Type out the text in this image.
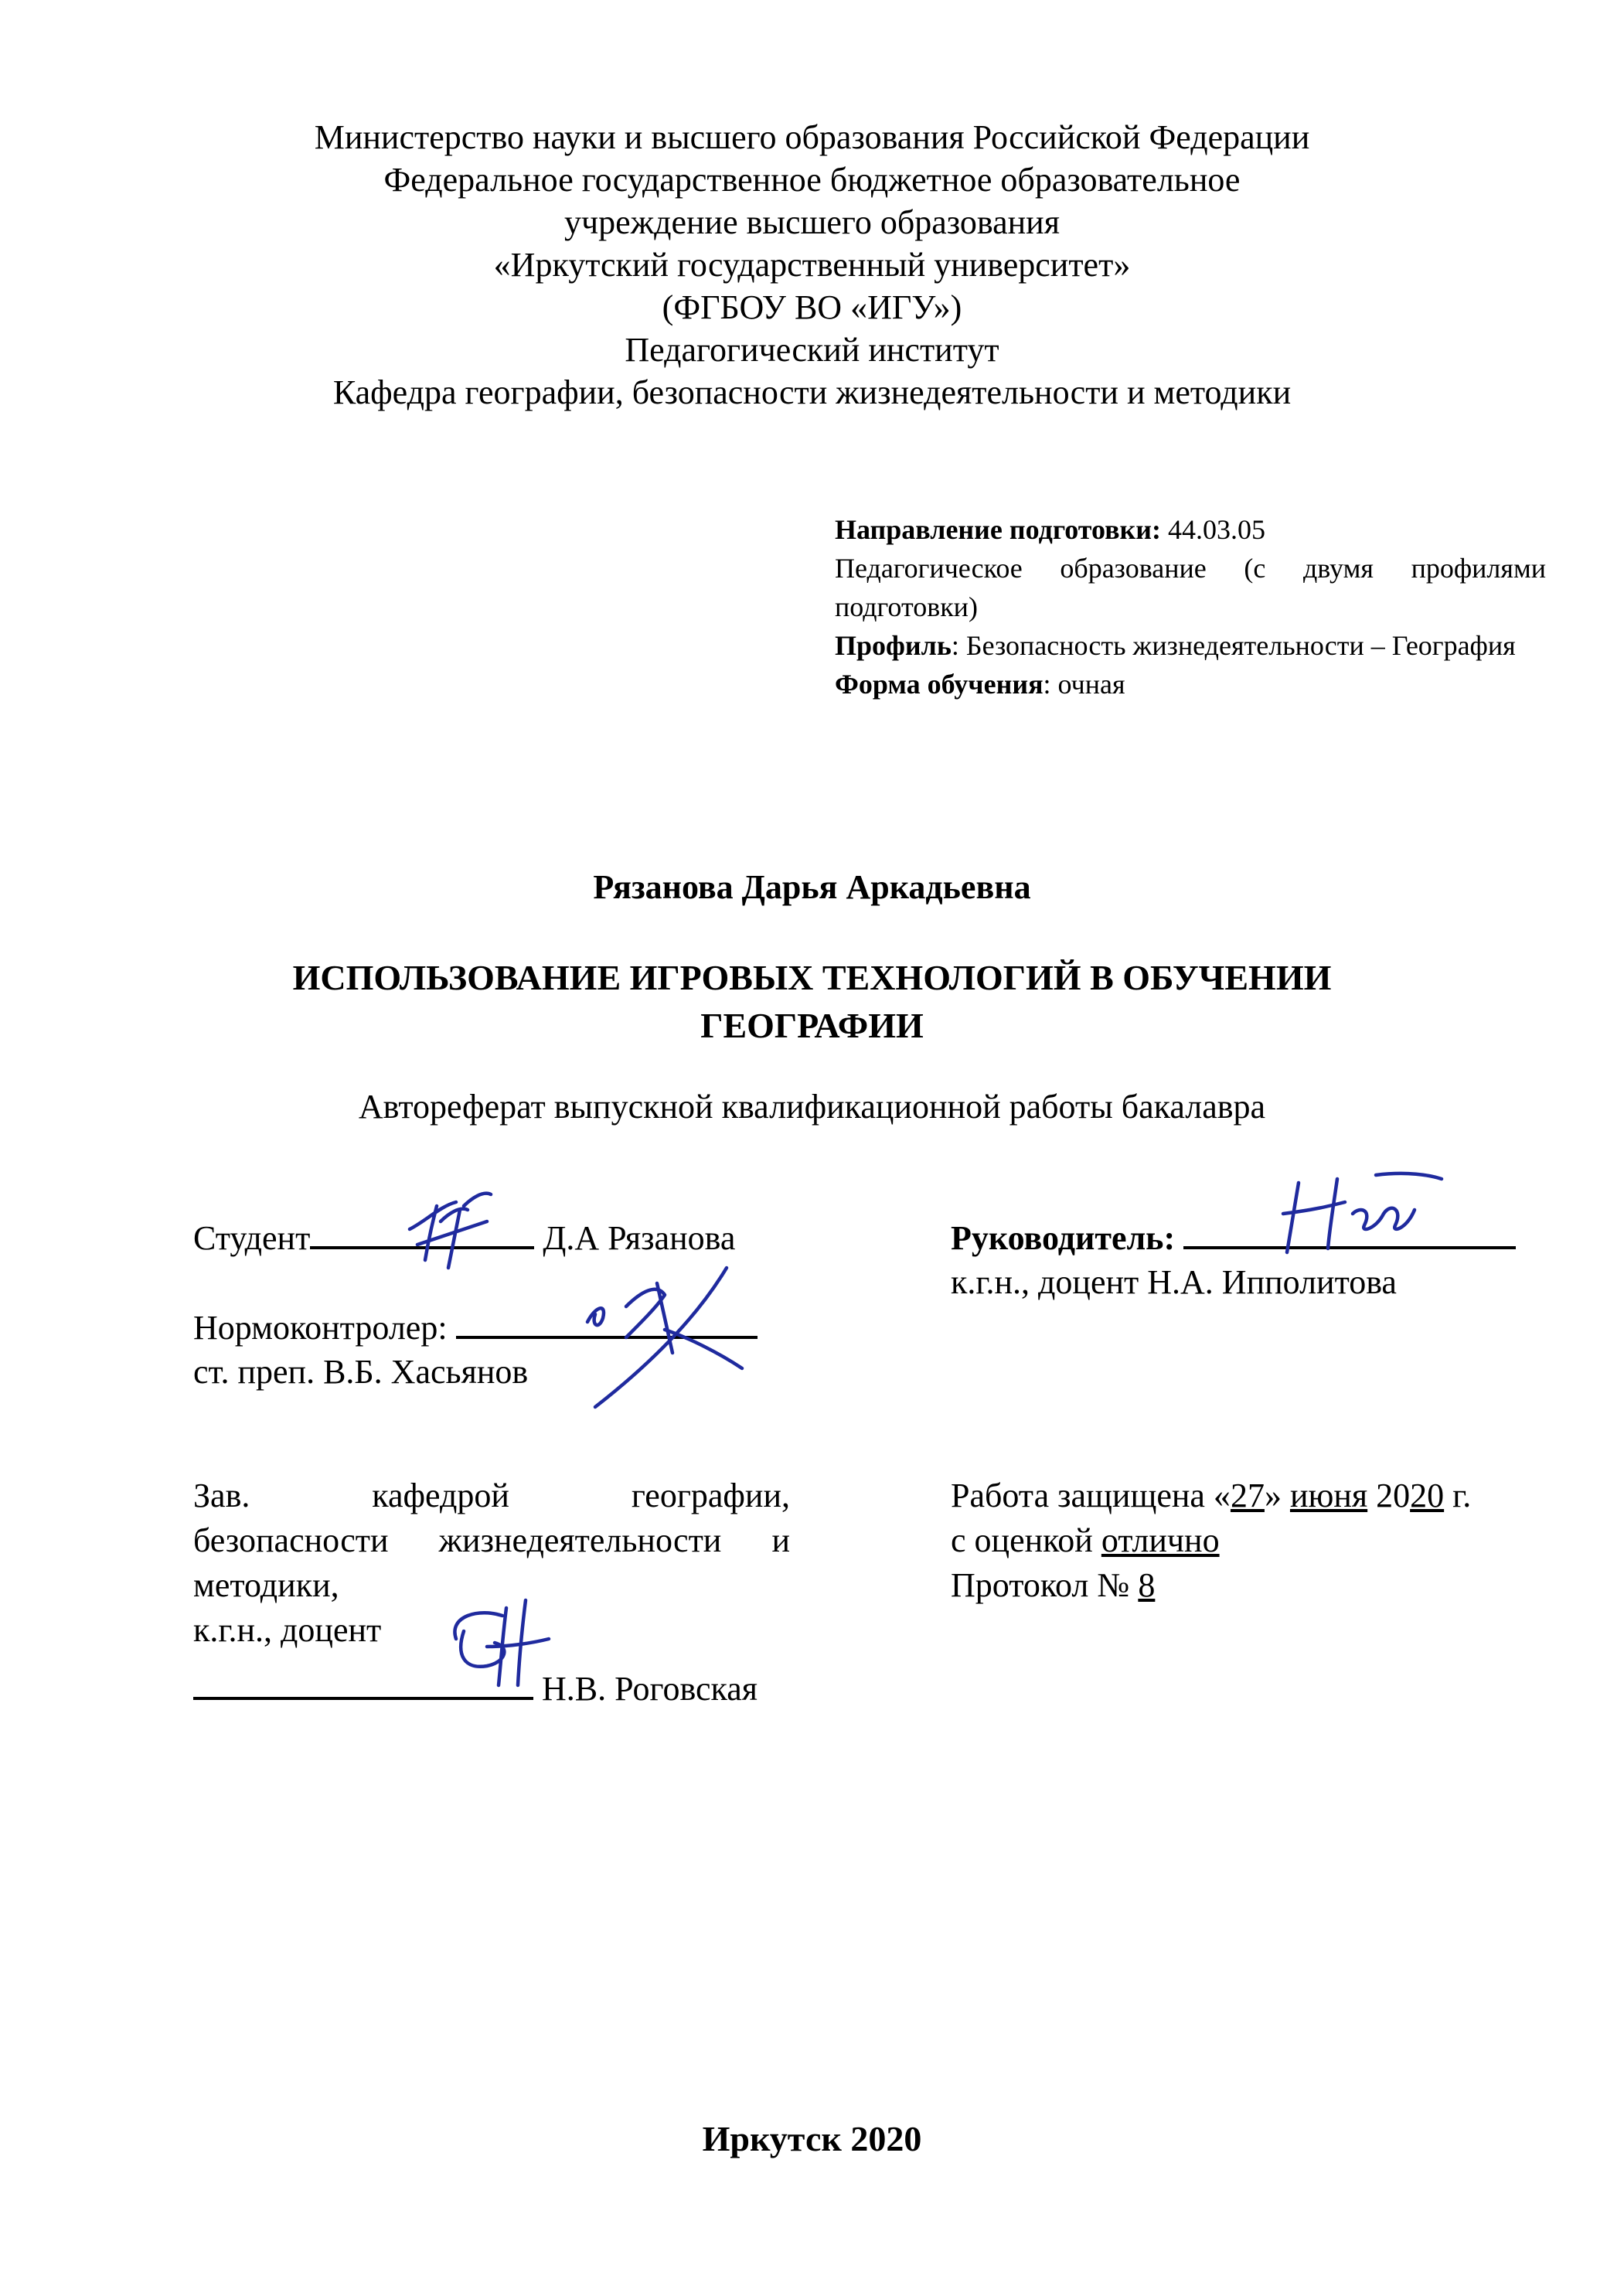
Министерство науки и высшего образования Российской Федерации
Федеральное государственное бюджетное образовательное
учреждение высшего образования
«Иркутский государственный университет»
(ФГБОУ ВО «ИГУ»)
Педагогический институт
Кафедра географии, безопасности жизнедеятельности и методики
Направление подготовки: 44.03.05
Педагогическое образование (с двумя профилями подготовки)
Профиль: Безопасность жизнедеятельности – География
Форма обучения: очная
Рязанова Дарья Аркадьевна
ИСПОЛЬЗОВАНИЕ ИГРОВЫХ ТЕХНОЛОГИЙ В ОБУЧЕНИИ
ГЕОГРАФИИ
Автореферат выпускной квалификационной работы бакалавра
Студент	Д.А Рязанова	Руководитель:
к.г.н., доцент Н.А. Ипполитова
Нормоконтролер:
ст. преп. В.Б. Хасьянов
Зав. кафедрой географии,
безопасности жизнедеятельности и
методики,
к.г.н., доцент
Н.В. Роговская
Работа защищена «27» июня 2020 г.
с оценкой отлично
Протокол № 8
Иркутск 2020
